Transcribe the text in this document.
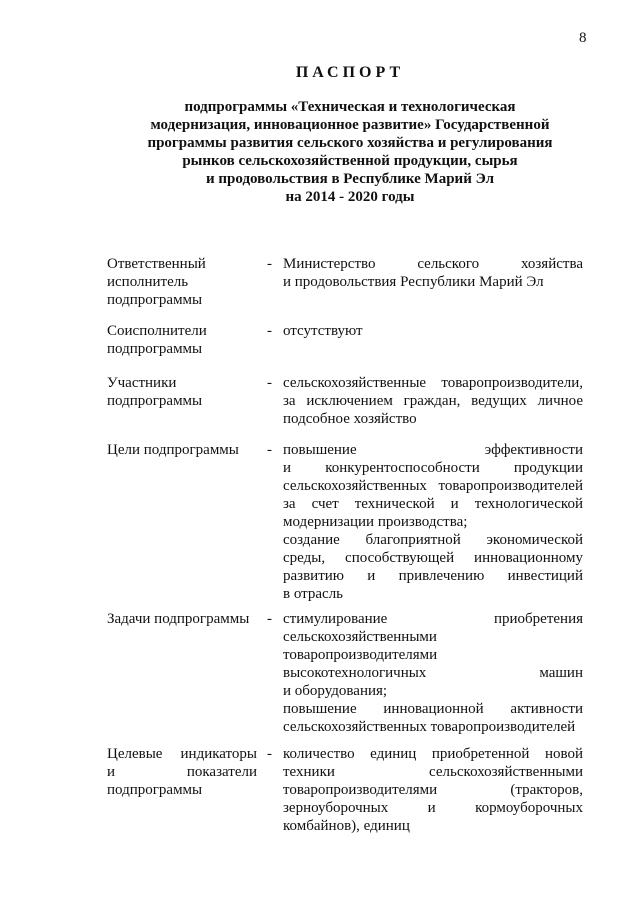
8
ПАСПОРТ
подпрограммы «Техническая и технологическая
модернизация, инновационное развитие» Государственной
программы развития сельского хозяйства и регулирования
рынков сельскохозяйственной продукции, сырья
и продовольствия в Республике Марий Эл
на 2014 - 2020 годы
Ответственный
исполнитель
подпрограммы
- Министерство сельского хозяйства
и продовольствия Республики Марий Эл
Соисполнители
подпрограммы
- отсутствуют
Участники
подпрограммы
- сельскохозяйственные товаропроизводители,
за исключением граждан, ведущих личное
подсобное хозяйство
Цели подпрограммы	- повышение эффективности
и конкурентоспособности продукции
сельскохозяйственных товаропроизводителей
за счет технической и технологической
модернизации производства;
создание благоприятной экономической
среды, способствующей инновационному
развитию и привлечению инвестиций
в отрасль
Задачи подпрограммы	- стимулирование приобретения
сельскохозяйственными
товаропроизводителями
высокотехнологичных машин
и оборудования;
повышение инновационной активности
сельскохозяйственных товаропроизводителей
Целевые индикаторы
и показатели
подпрограммы
- количество единиц приобретенной новой
техники сельскохозяйственными
товаропроизводителями (тракторов,
зерноуборочных и кормоуборочных
комбайнов), единиц
